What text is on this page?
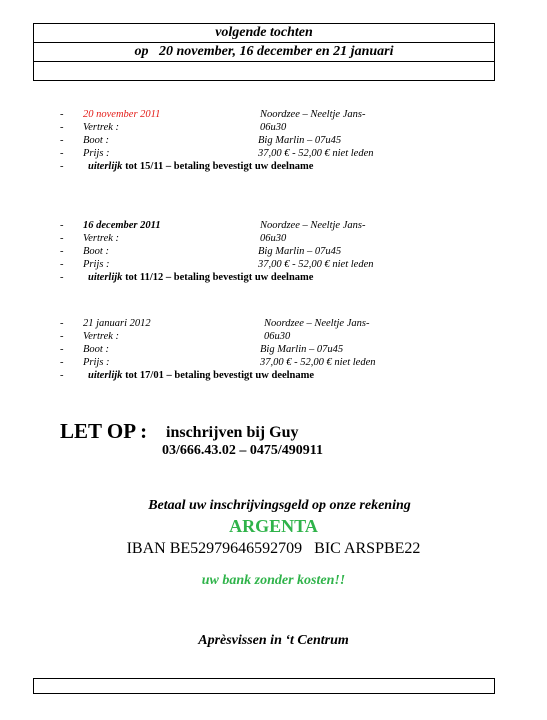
volgende tochten
op   20 november, 16 december en 21 januari
- 20 november 2011	Noordzee – Neeltje Jans-
- Vertrek :	06u30
- Boot :	Big Marlin – 07u45
- Prijs :	37,00 € - 52,00 € niet leden
- uiterlijk tot 15/11 – betaling bevestigt uw deelname
- 16 december 2011	Noordzee – Neeltje Jans-
- Vertrek :	06u30
- Boot :	Big Marlin – 07u45
- Prijs :	37,00 € - 52,00 € niet leden
- uiterlijk tot 11/12 – betaling bevestigt uw deelname
- 21 januari 2012	Noordzee – Neeltje Jans-
- Vertrek :	06u30
- Boot :	Big Marlin – 07u45
- Prijs :	37,00 € - 52,00 € niet leden
- uiterlijk tot 17/01 – betaling bevestigt uw deelname
LET OP : inschrijven bij Guy
03/666.43.02 – 0475/490911
Betaal uw inschrijvingsgeld op onze rekening
ARGENTA
IBAN BE52979646592709   BIC ARSPBE22
uw bank zonder kosten!!
Aprèsvissen in ‘t Centrum
